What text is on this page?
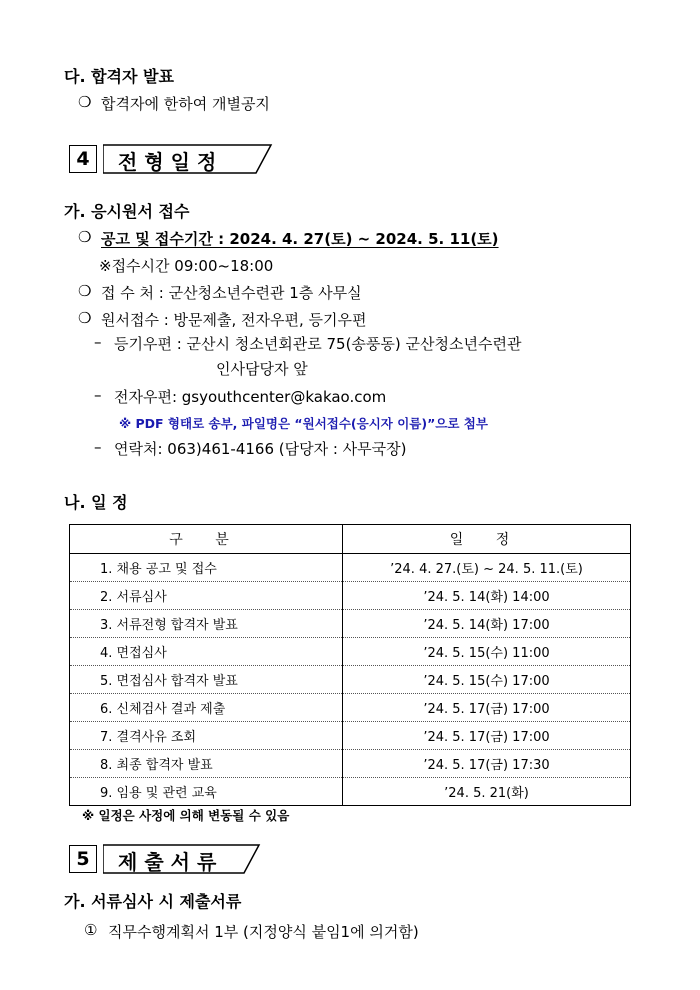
다. 합격자 발표
❍ 합격자에 한하여 개별공지
4	전형일정
가. 응시원서 접수
❍ 공고 및 접수기간 : 2024. 4. 27(토) ~ 2024. 5. 11(토)
※접수시간 09:00~18:00
❍ 접 수 처 : 군산청소년수련관 1층 사무실
❍ 원서접수 : 방문제출, 전자우편, 등기우편
– 등기우편 : 군산시 청소년회관로 75(송풍동) 군산청소년수련관
인사담당자 앞
– 전자우편: gsyouthcenter@kakao.com
※ PDF 형태로 송부, 파일명은 “원서접수(응시자 이름)”으로 첨부
– 연락처: 063)461-4166 (담당자 : 사무국장)
나. 일 정
구 분	일 정
1. 채용 공고 및 접수	’24. 4. 27.(토) ~ 24. 5. 11.(토)
2. 서류심사	’24. 5. 14(화) 14:00
3. 서류전형 합격자 발표	’24. 5. 14(화) 17:00
4. 면접심사	’24. 5. 15(수) 11:00
5. 면접심사 합격자 발표	’24. 5. 15(수) 17:00
6. 신체검사 결과 제출	’24. 5. 17(금) 17:00
7. 결격사유 조회	’24. 5. 17(금) 17:00
8. 최종 합격자 발표	’24. 5. 17(금) 17:30
9. 임용 및 관련 교육	’24. 5. 21(화)
※ 일정은 사정에 의해 변동될 수 있음
5	제출서류
가. 서류심사 시 제출서류
① 직무수행계획서 1부 (지정양식 붙임1에 의거함)
